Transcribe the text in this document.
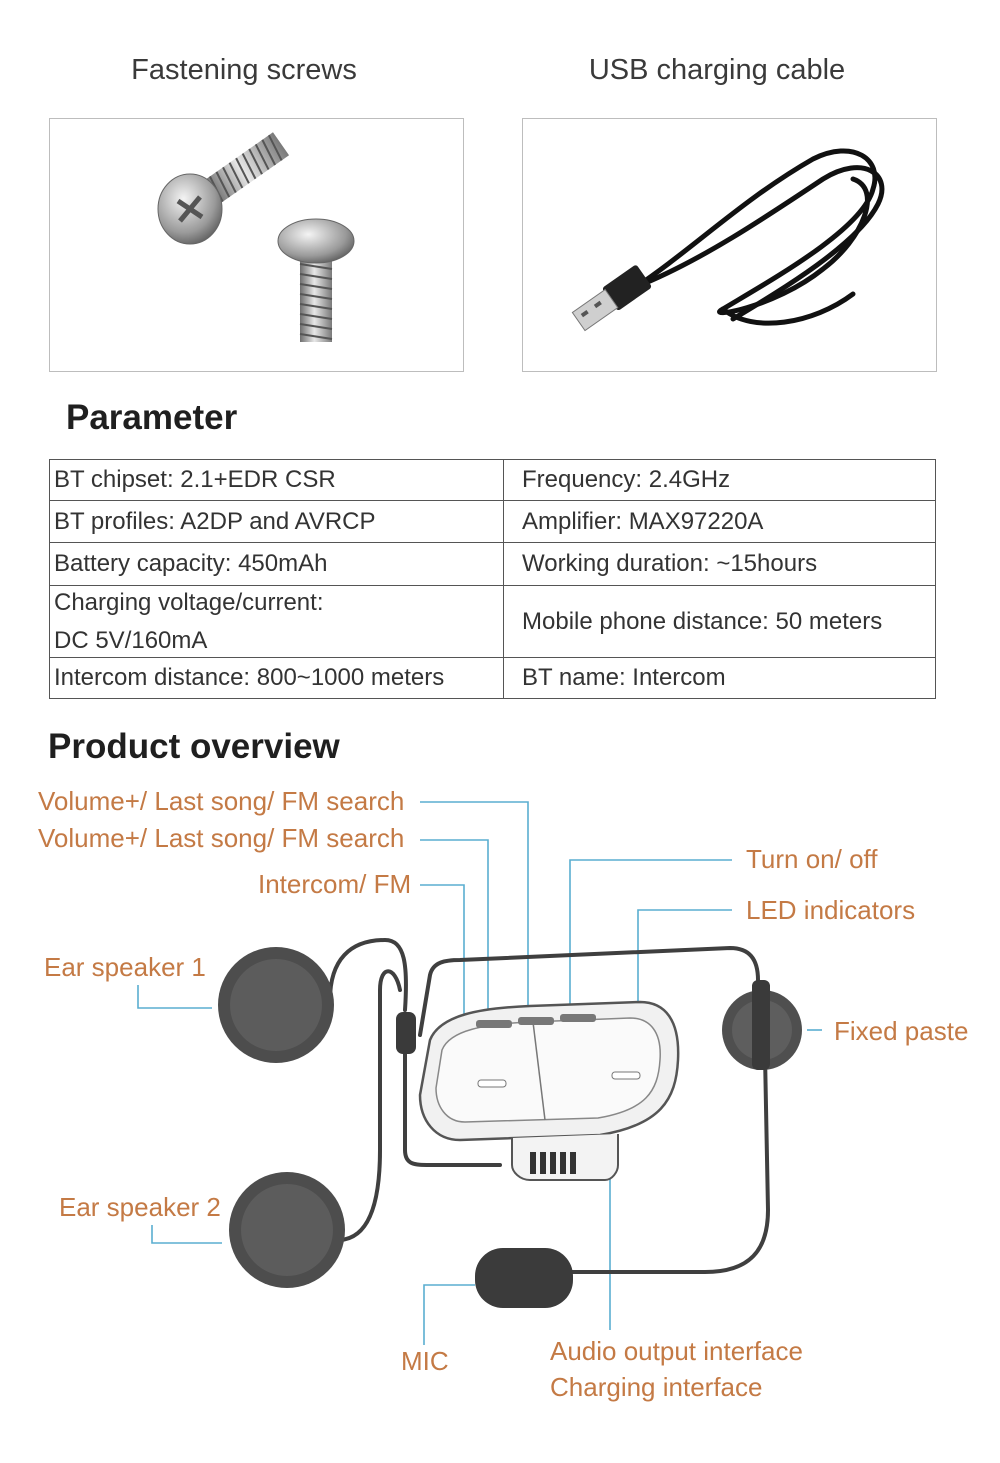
Fastening screws	USB charging cable
Parameter
BT chipset: 2.1+EDR CSR	Frequency: 2.4GHz
BT profiles: A2DP and AVRCP	Amplifier: MAX97220A
Battery capacity: 450mAh	Working duration: ~15hours

Charging voltage/current:
DC 5V/160mA	Mobile phone distance: 50 meters
Intercom distance: 800~1000 meters	BT name: Intercom
Product overview
Volume+/ Last song/ FM search
Volume+/ Last song/ FM search
Intercom/ FM
Turn on/ off
LED indicators
Ear speaker 1
Fixed paste
Ear speaker 2
MIC	Audio output interface
Charging interface
